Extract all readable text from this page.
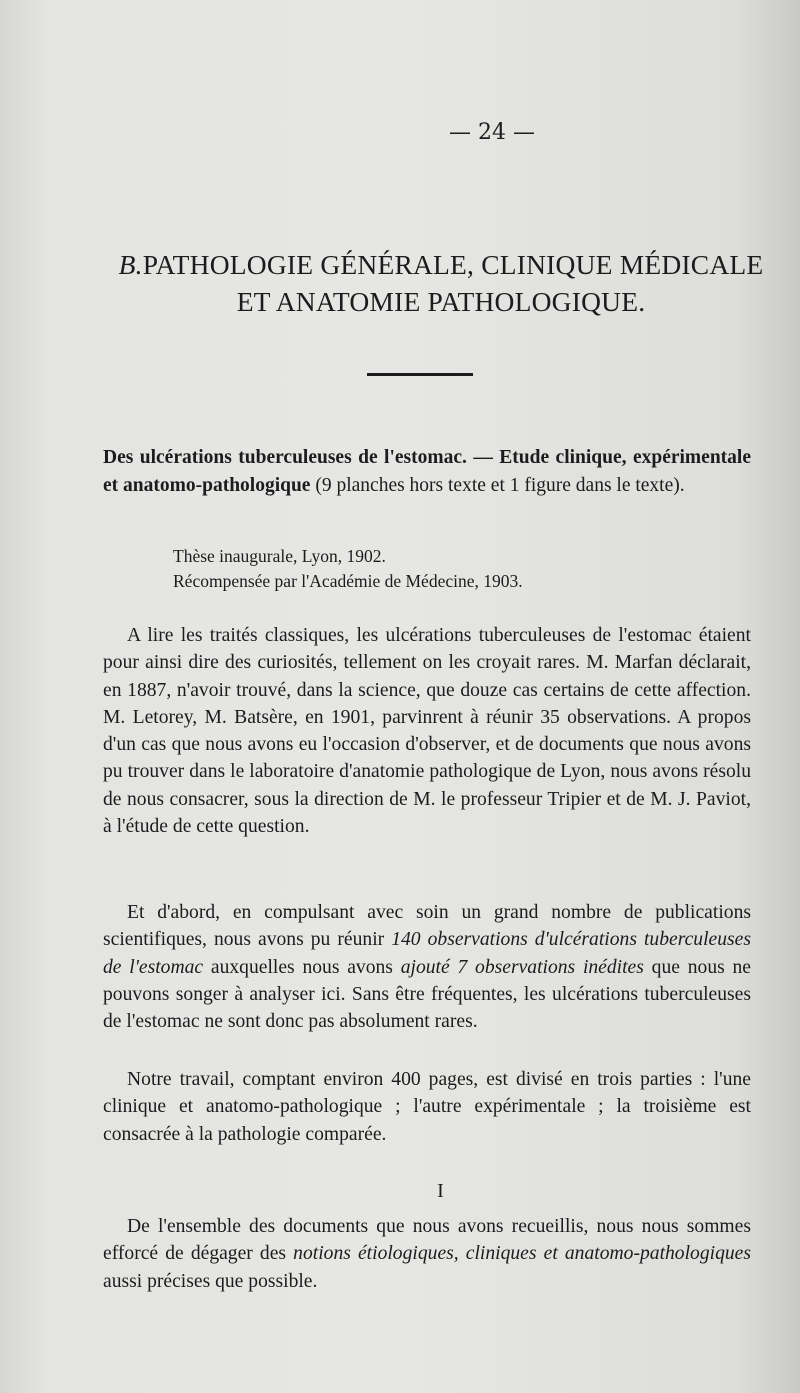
— 24 —
B.PATHOLOGIE GÉNÉRALE, CLINIQUE MÉDICALE
ET ANATOMIE PATHOLOGIQUE.
Des ulcérations tuberculeuses de l'estomac. — Etude clinique, expérimentale et anatomo-pathologique (9 planches hors texte et 1 figure dans le texte).
Thèse inaugurale, Lyon, 1902.
Récompensée par l'Académie de Médecine, 1903.

A lire les traités classiques, les ulcérations tuberculeuses de l'estomac étaient pour ainsi dire des curiosités, tellement on les croyait rares. M. Marfan déclarait, en 1887, n'avoir trouvé, dans la science, que douze cas certains de cette affection. M. Letorey, M. Batsère, en 1901, parvinrent à réunir 35 observations. A propos d'un cas que nous avons eu l'occasion d'observer, et de documents que nous avons pu trouver dans le laboratoire d'anatomie pathologique de Lyon, nous avons résolu de nous consacrer, sous la direction de M. le professeur Tripier et de M. J. Paviot, à l'étude de cette question.

Et d'abord, en compulsant avec soin un grand nombre de publications scientifiques, nous avons pu réunir 140 observations d'ulcérations tuberculeuses de l'estomac auxquelles nous avons ajouté 7 observations inédites que nous ne pouvons songer à analyser ici. Sans être fréquentes, les ulcérations tuberculeuses de l'estomac ne sont donc pas absolument rares.

Notre travail, comptant environ 400 pages, est divisé en trois parties : l'une clinique et anatomo-pathologique ; l'autre expérimentale ; la troisième est consacrée à la pathologie comparée.

I

De l'ensemble des documents que nous avons recueillis, nous nous sommes efforcé de dégager des notions étiologiques, cliniques et anatomo-pathologiques aussi précises que possible.
